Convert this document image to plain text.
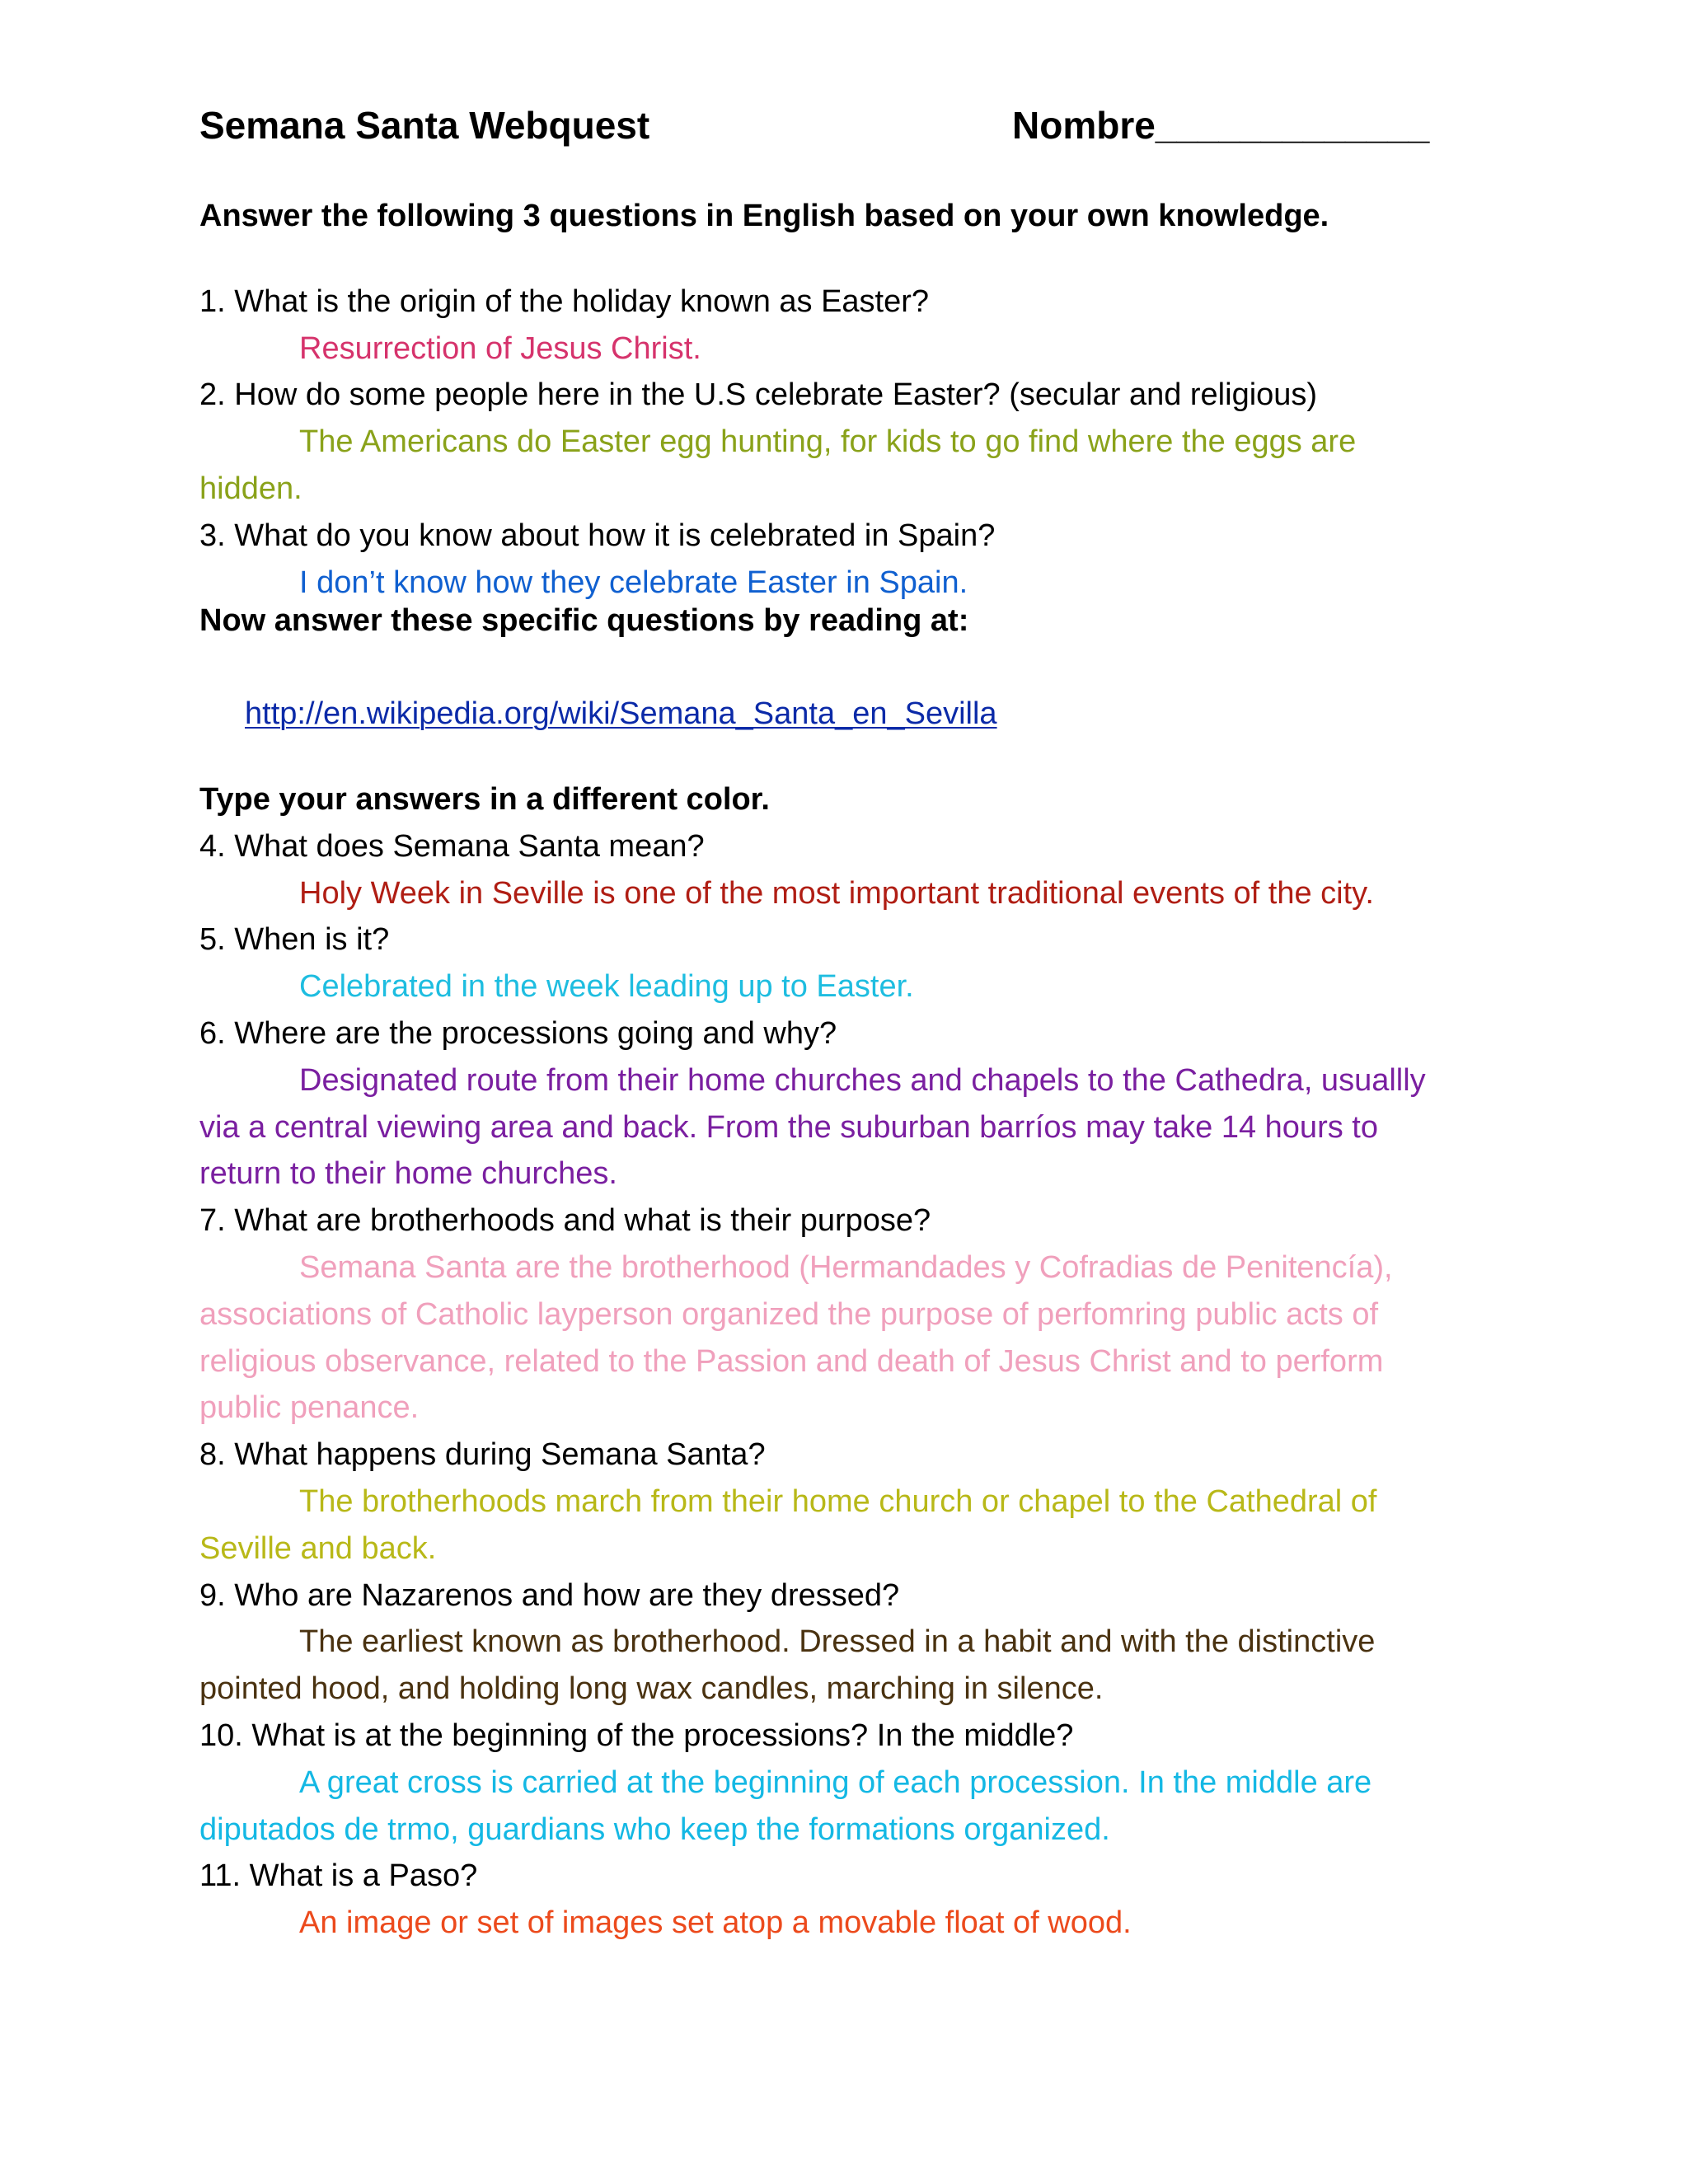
Semana Santa Webquest	Nombre_____________
Answer the following 3 questions in English based on your own knowledge.
1. What is the origin of the holiday known as Easter?
Resurrection of Jesus Christ.
2. How do some people here in the U.S celebrate Easter? (secular and religious)
The Americans do Easter egg hunting, for kids to go find where the eggs are
hidden.
3. What do you know about how it is celebrated in Spain?
I don’t know how they celebrate Easter in Spain.
Now answer these specific questions by reading at:
http://en.wikipedia.org/wiki/Semana_Santa_en_Sevilla
Type your answers in a different color.
4. What does Semana Santa mean?
Holy Week in Seville is one of the most important traditional events of the city.
5. When is it?
Celebrated in the week leading up to Easter.
6. Where are the processions going and why?
Designated route from their home churches and chapels to the Cathedra, usuallly
via a central viewing area and back. From the suburban barríos may take 14 hours to
return to their home churches.
7. What are brotherhoods and what is their purpose?
Semana Santa are the brotherhood (Hermandades y Cofradias de Penitencía),
associations of Catholic layperson organized the purpose of perfomring public acts of
religious observance, related to the Passion and death of Jesus Christ and to perform
public penance.
8. What happens during Semana Santa?
The brotherhoods march from their home church or chapel to the Cathedral of
Seville and back.
9. Who are Nazarenos and how are they dressed?
The earliest known as brotherhood. Dressed in a habit and with the distinctive
pointed hood, and holding long wax candles, marching in silence.
10. What is at the beginning of the processions? In the middle?
A great cross is carried at the beginning of each procession. In the middle are
diputados de trmo, guardians who keep the formations organized.
11. What is a Paso?
An image or set of images set atop a movable float of wood.
